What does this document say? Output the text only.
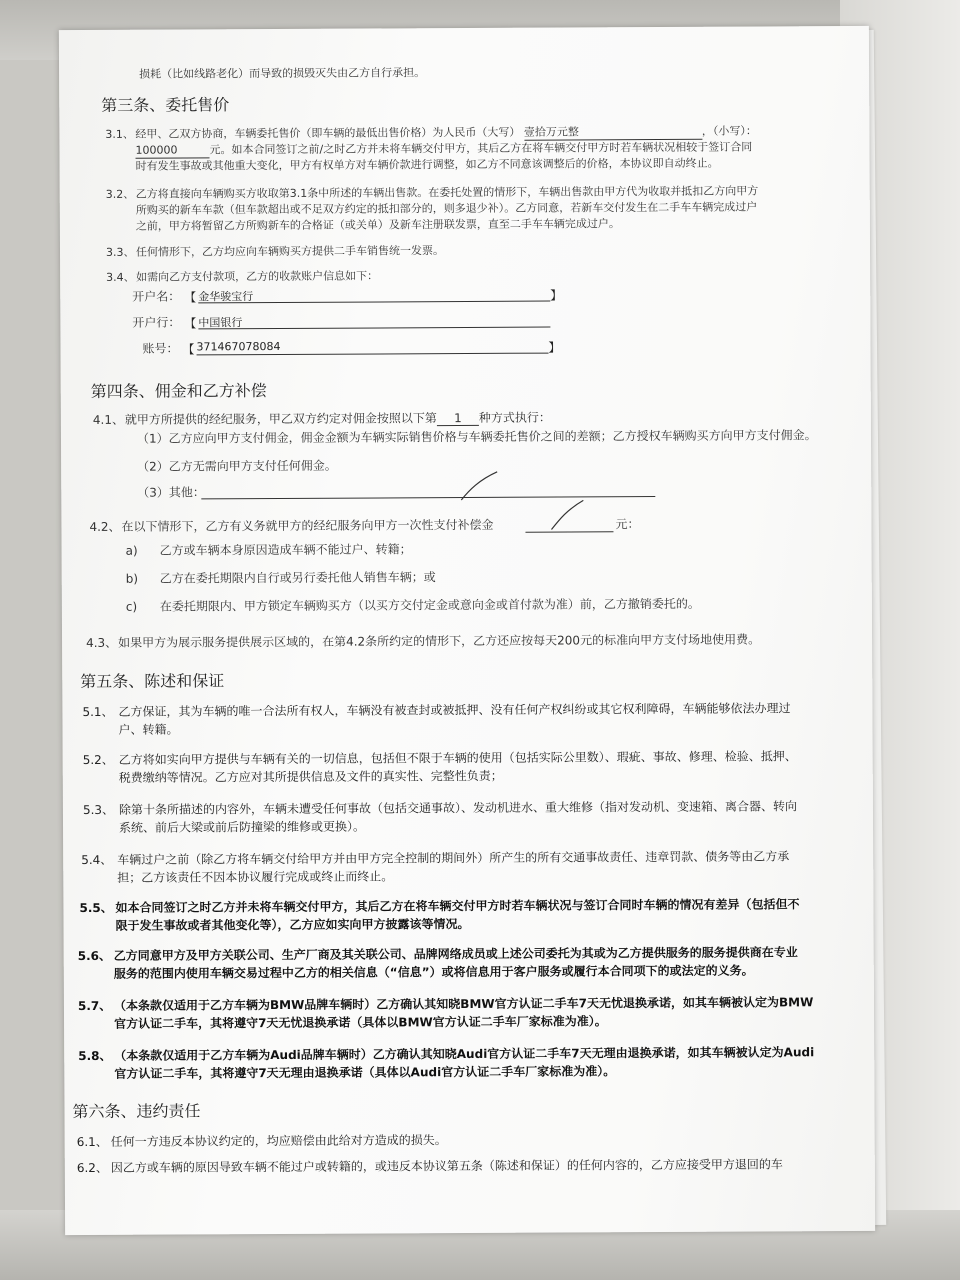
损耗（比如线路老化）而导致的损毁灭失由乙方自行承担。
第三条、委托售价
3.1、 经甲、乙双方协商，车辆委托售价（即车辆的最低出售价格）为人民币（大写） 壹拾万元整	，（小写）：
100000	元。如本合同签订之前/之时乙方并未将车辆交付甲方，其后乙方在将车辆交付甲方时若车辆状况相较于签订合同
时有发生事故或其他重大变化，甲方有权单方对车辆价款进行调整，如乙方不同意该调整后的价格，本协议即自动终止。
3.2、 乙方将直接向车辆购买方收取第3.1条中所述的车辆出售款。在委托处置的情形下，车辆出售款由甲方代为收取并抵扣乙方向甲方
所购买的新车车款（但车款超出或不足双方约定的抵扣部分的，则多退少补）。乙方同意，若新车交付发生在二手车车辆完成过户
之前，甲方将暂留乙方所购新车的合格证（或关单）及新车注册联发票，直至二手车车辆完成过户。
3.3、 任何情形下，乙方均应向车辆购买方提供二手车销售统一发票。
3.4、 如需向乙方支付款项，乙方的收款账户信息如下：
开户名： 【 金华骏宝行	】
开户行： 【 中国银行
账号： 【 371467078084	】
第四条、佣金和乙方补偿
4.1、 就甲方所提供的经纪服务，甲乙双方约定对佣金按照以下第 1 种方式执行：
（1）乙方应向甲方支付佣金，佣金金额为车辆实际销售价格与车辆委托售价之间的差额；乙方授权车辆购买方向甲方支付佣金。
（2）乙方无需向甲方支付任何佣金。
（3）其他：
4.2、 在以下情形下，乙方有义务就甲方的经纪服务向甲方一次性支付补偿金	元：
a) 乙方或车辆本身原因造成车辆不能过户、转籍；
b) 乙方在委托期限内自行或另行委托他人销售车辆；或
c) 在委托期限内、甲方锁定车辆购买方（以买方交付定金或意向金或首付款为准）前，乙方撤销委托的。
4.3、 如果甲方为展示服务提供展示区域的，在第4.2条所约定的情形下，乙方还应按每天200元的标准向甲方支付场地使用费。
第五条、陈述和保证
5.1、 乙方保证，其为车辆的唯一合法所有权人，车辆没有被查封或被抵押、没有任何产权纠纷或其它权利障碍，车辆能够依法办理过
户、转籍。
5.2、 乙方将如实向甲方提供与车辆有关的一切信息，包括但不限于车辆的使用（包括实际公里数）、瑕疵、事故、修理、检验、抵押、
税费缴纳等情况。乙方应对其所提供信息及文件的真实性、完整性负责；
5.3、 除第十条所描述的内容外，车辆未遭受任何事故（包括交通事故）、发动机进水、重大维修（指对发动机、变速箱、离合器、转向
系统、前后大梁或前后防撞梁的维修或更换）。
5.4、 车辆过户之前（除乙方将车辆交付给甲方并由甲方完全控制的期间外）所产生的所有交通事故责任、违章罚款、债务等由乙方承
担；乙方该责任不因本协议履行完成或终止而终止。
5.5、 如本合同签订之时乙方并未将车辆交付甲方，其后乙方在将车辆交付甲方时若车辆状况与签订合同时车辆的情况有差异（包括但不
限于发生事故或者其他变化等），乙方应如实向甲方披露该等情况。
5.6、 乙方同意甲方及甲方关联公司、生产厂商及其关联公司、品牌网络成员或上述公司委托为其或为乙方提供服务的服务提供商在专业
服务的范围内使用车辆交易过程中乙方的相关信息（“信息”）或将信息用于客户服务或履行本合同项下的或法定的义务。
5.7、 （本条款仅适用于乙方车辆为BMW品牌车辆时）乙方确认其知晓BMW官方认证二手车7天无忧退换承诺，如其车辆被认定为BMW
官方认证二手车，其将遵守7天无忧退换承诺（具体以BMW官方认证二手车厂家标准为准）。
5.8、 （本条款仅适用于乙方车辆为Audi品牌车辆时）乙方确认其知晓Audi官方认证二手车7天无理由退换承诺，如其车辆被认定为Audi
官方认证二手车，其将遵守7天无理由退换承诺（具体以Audi官方认证二手车厂家标准为准）。
第六条、违约责任
6.1、 任何一方违反本协议约定的，均应赔偿由此给对方造成的损失。
6.2、 因乙方或车辆的原因导致车辆不能过户或转籍的，或违反本协议第五条（陈述和保证）的任何内容的，乙方应接受甲方退回的车
